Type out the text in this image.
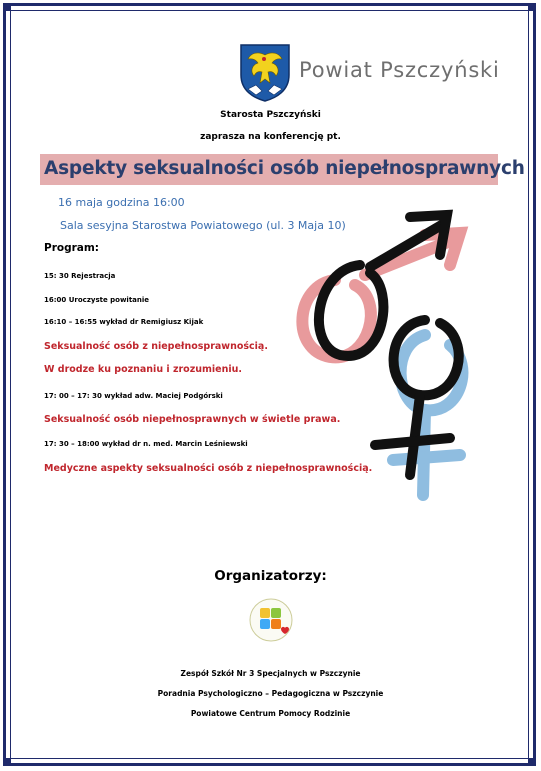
Powiat Pszczyński
Starosta Pszczyński
zaprasza na konferencję pt.
Aspekty seksualności osób niepełnosprawnych
16 maja godzina 16:00
Sala sesyjna Starostwa Powiatowego (ul. 3 Maja 10)
Program:
15: 30 Rejestracja
16:00 Uroczyste powitanie
16:10 – 16:55 wykład dr Remigiusz Kijak
Seksualność osób z niepełnosprawnością.
W drodze ku poznaniu i zrozumieniu.
17: 00 – 17: 30 wykład adw. Maciej Podgórski
Seksualność osób niepełnosprawnych w świetle prawa.
17: 30 – 18:00 wykład dr n. med. Marcin Leśniewski
Medyczne aspekty seksualności osób z niepełnosprawnością.
Organizatorzy:
Zespół Szkół Nr 3 Specjalnych w Pszczynie
Poradnia Psychologiczno – Pedagogiczna w Pszczynie
Powiatowe Centrum Pomocy Rodzinie
